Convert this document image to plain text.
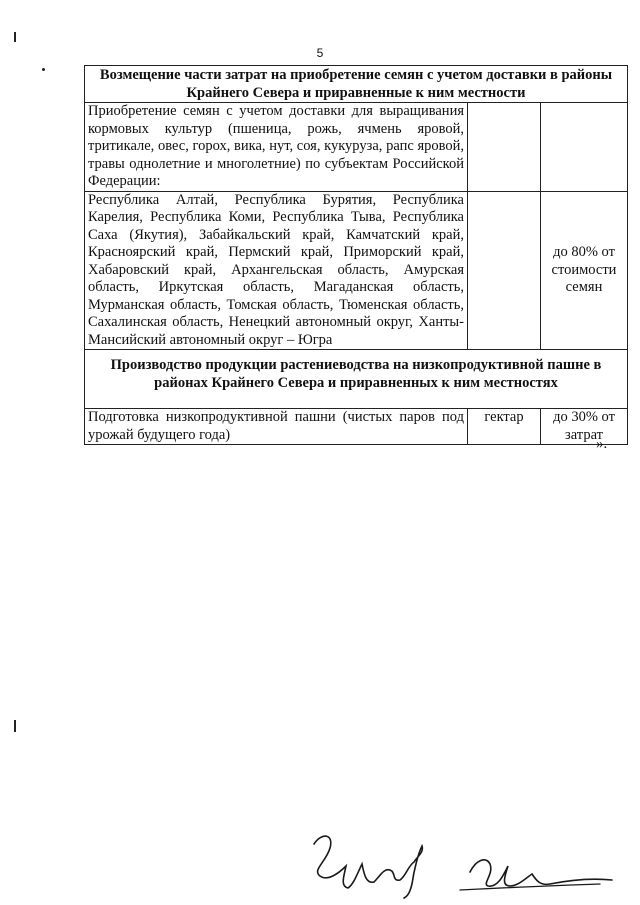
5
Возмещение части затрат на приобретение семян с учетом доставки в районы Крайнего Севера и приравненные к ним местности		
Приобретение семян с учетом доставки для выращивания кормовых культур (пшеница, рожь, ячмень яровой, тритикале, овес, горох, вика, нут, соя, кукуруза, рапс яровой, травы однолетние и многолетние) по субъектам Российской Федерации:		
Республика Алтай, Республика Бурятия, Республика Карелия, Республика Коми, Республика Тыва, Республика Саха (Якутия), Забайкальский край, Камчатский край, Красноярский край, Пермский край, Приморский край, Хабаровский край, Архангельская область, Амурская область, Иркутская область, Магаданская область, Мурманская область, Томская область, Тюменская область, Сахалинская область, Ненецкий автономный округ, Ханты-Мансийский автономный округ – Югра		до 80% от стоимости семян
Производство продукции растениеводства на низкопродуктивной пашне в районах Крайнего Севера и приравненных к ним местностях		
Подготовка низкопродуктивной пашни (чистых паров под урожай будущего года)	гектар	до 30% от затрат
».
